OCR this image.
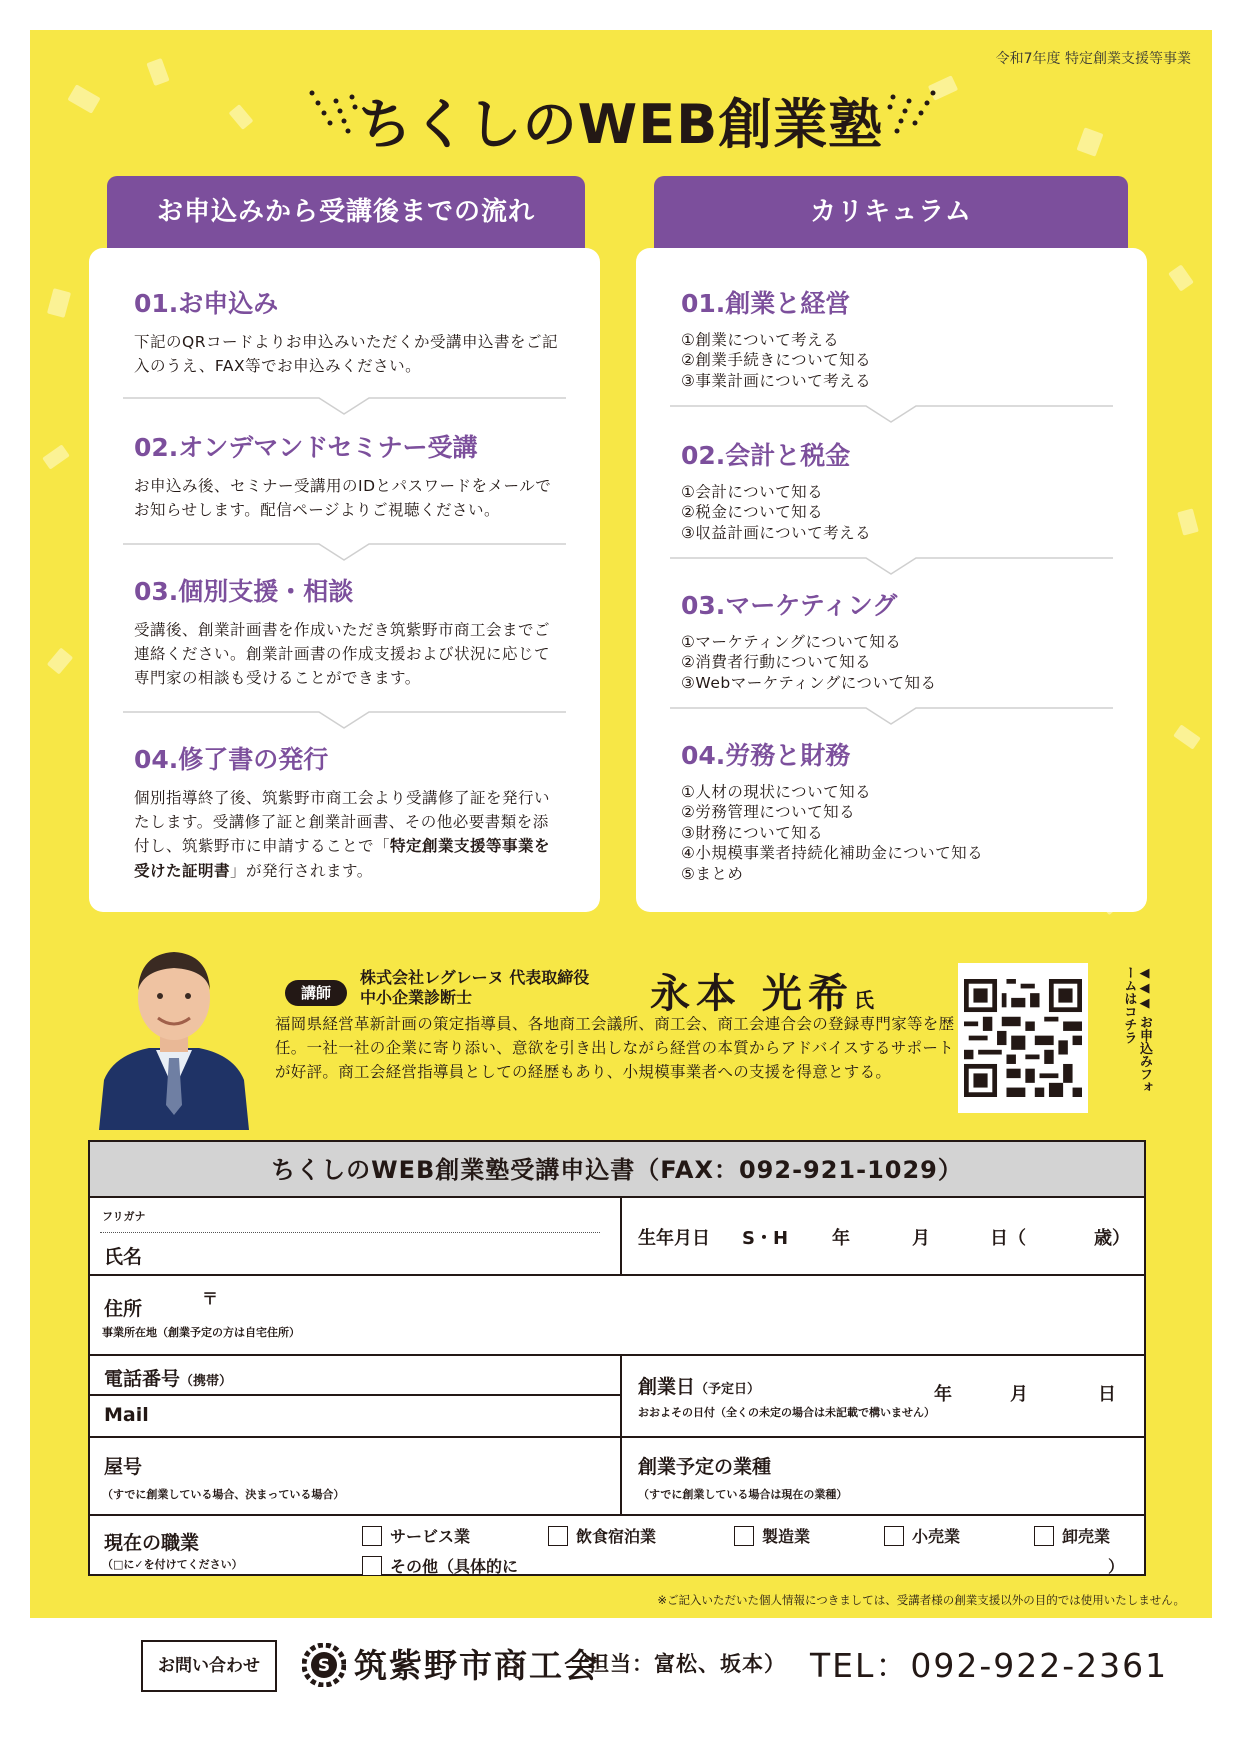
令和7年度 特定創業支援等事業
ちくしのWEB創業塾
お申込みから受講後までの流れ
01.お申込み
下記のQRコードよりお申込みいただくか受講申込書をご記入のうえ、FAX等でお申込みください。
02.オンデマンドセミナー受講
お申込み後、セミナー受講用のIDとパスワードをメールでお知らせします。配信ページよりご視聴ください。
03.個別支援・相談
受講後、創業計画書を作成いただき筑紫野市商工会までご連絡ください。創業計画書の作成支援および状況に応じて専門家の相談も受けることができます。
04.修了書の発行
個別指導終了後、筑紫野市商工会より受講修了証を発行いたします。受講修了証と創業計画書、その他必要書類を添付し、筑紫野市に申請することで「特定創業支援等事業を受けた証明書」が発行されます。
カリキュラム
01.創業と経営
①創業について考える
②創業手続きについて知る
③事業計画について考える
02.会計と税金
①会計について知る
②税金について知る
③収益計画について考える
03.マーケティング
①マーケティングについて知る
②消費者行動について知る
③Webマーケティングについて知る
04.労務と財務
①人材の現状について知る
②労務管理について知る
③財務について知る
④小規模事業者持続化補助金について知る
⑤まとめ
講師
株式会社レグレーヌ 代表取締役
中小企業診断士	永本 光希氏
福岡県経営革新計画の策定指導員、各地商工会議所、商工会、商工会連合会の登録専門家等を歴任。一社一社の企業に寄り添い、意欲を引き出しながら経営の本質からアドバイスするサポートが好評。商工会経営指導員としての経歴もあり、小規模事業者への支援を得意とする。	◀◀◀ お申込みフォームはコチラ
ちくしのWEB創業塾受講申込書（FAX：092-921-1029）
フリガナ
氏名
生年月日 S・H 年	月	日（	歳）
住所	〒
事業所在地（創業予定の方は自宅住所）
電話番号（携帯）
Mail
創業日（予定日）
おおよその日付（全くの未定の場合は未記載で構いません）
年	月	日
屋号
（すでに創業している場合、決まっている場合）
創業予定の業種
（すでに創業している場合は現在の業種）
現在の職業
（□に✓を付けてください）
サービス業	飲食宿泊業	製造業	小売業	卸売業
その他（具体的に	）
※ご記入いただいた個人情報につきましては、受講者様の創業支援以外の目的では使用いたしません。
お問い合わせ	S 筑紫野市商工会
（担当：富松、坂本） TEL：092-922-2361
